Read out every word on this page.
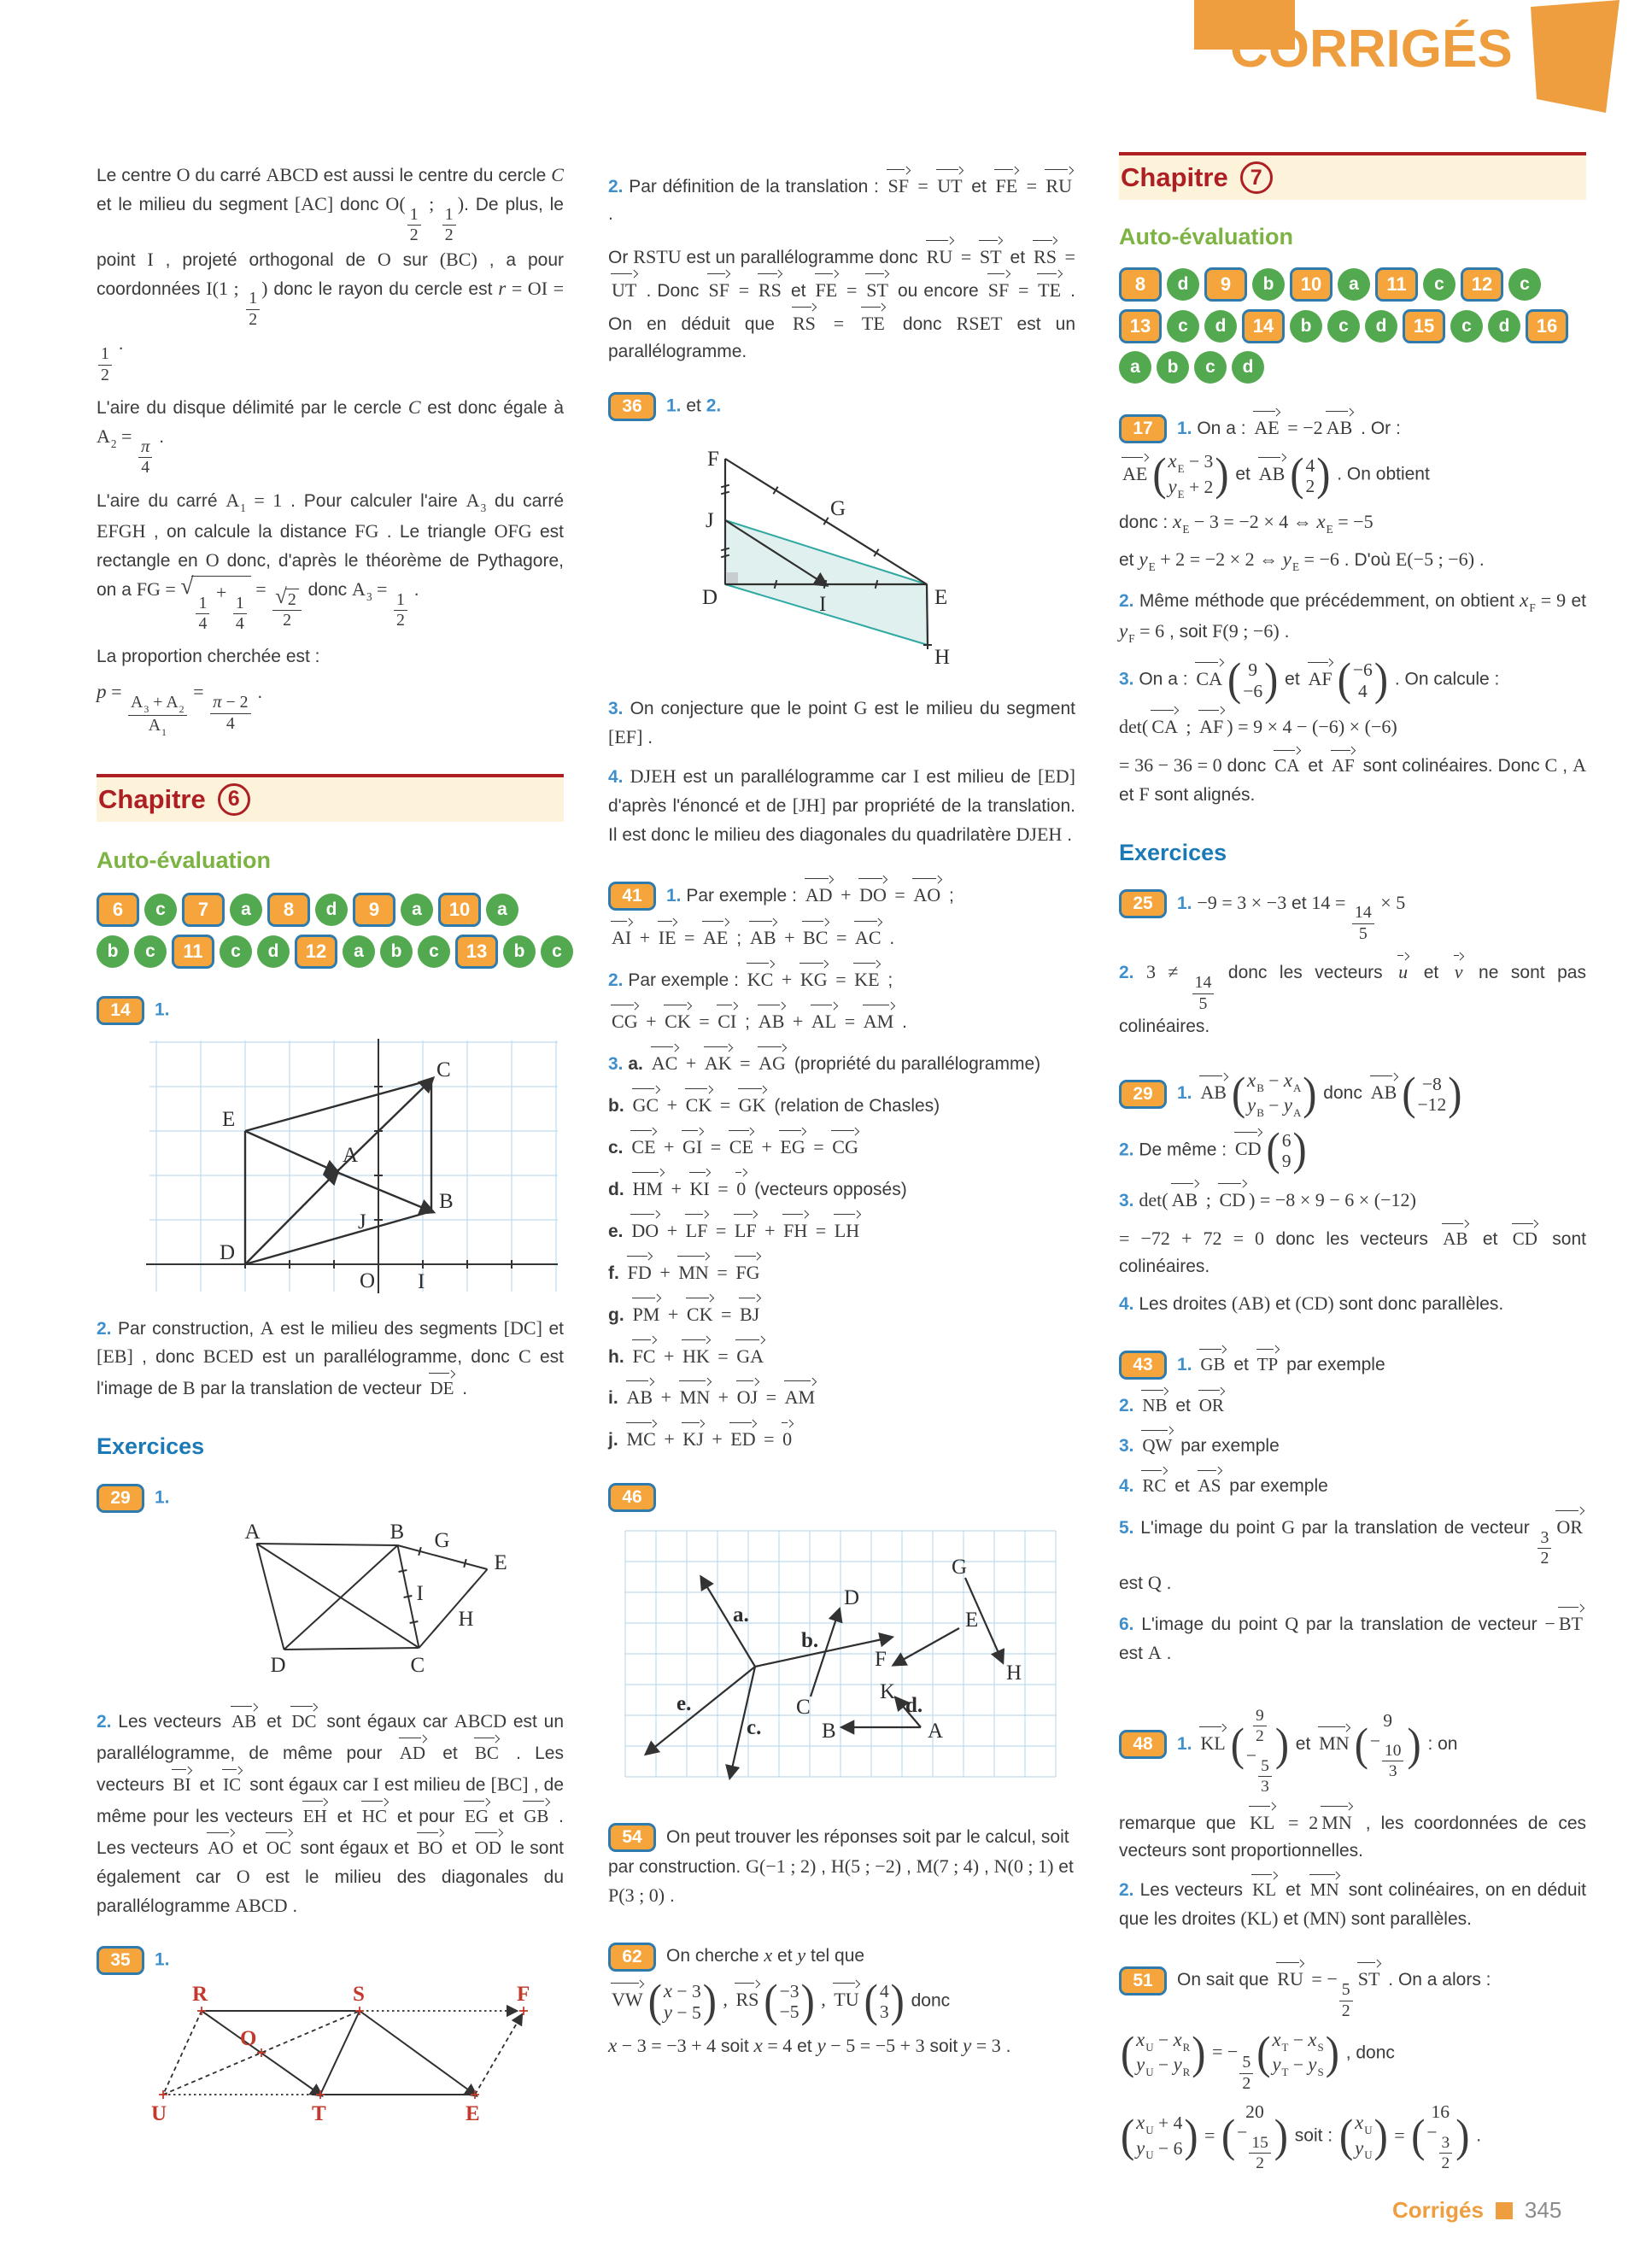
CORRIGÉS
Le centre O du carré ABCD est aussi le centre du cercle C et le milieu du segment [AC] donc O(
$\frac{1}{2}$
;
$\frac{1}{2}$
). De plus, le point I , projeté orthogonal de O sur (BC) , a pour coordonnées I(1 ;
$\frac{1}{2}$
) donc le rayon du cercle est r = OI =
$\frac{1}{2}$
.
L'aire du disque délimité par le cercle C est donc égale à $A_2$ =
$\frac{\pi}{4}$ .
L'aire du carré $A_1 = 1$ . Pour calculer l'aire $A_3$ du carré EFGH , on calcule la distance FG . Le triangle OFG est rectangle en O donc, d'après le théorème de Pythagore, on a FG = √
$\frac{1}{4}$
+
$\frac{1}{4}$
= $\frac{√ 2}{2}$ donc $A_3$ =
$\frac{1}{2}$
.
La proportion cherchée est :
p =
$\frac{A_3 + A_2}{A_1}$
=
$\frac{\pi - 2}{4}$ .
Chapitre	6
Auto-évaluation
6	c	7	a	8	d	9	a	10	a
b	c	11	c	d	12	a	b	c	13	b	c
14 1.
C
E
A
B
J
D
O I
2. Par construction, A est le milieu des segments [DC] et [EB] , donc BCED est un parallélogramme, donc C est l'image de B par la translation de vecteur DE .
Exercices
29 1.
A	B G
E
I
H
D	C
2. Les vecteurs AB et DC sont égaux car ABCD est un parallélogramme, de même pour AD et BC . Les vecteurs BI et IC sont égaux car I est milieu de [BC] , de même pour les vecteurs EH et HC et pour EG et GB . Les vecteurs AO et OC sont égaux et BO et OD le sont également car O est le milieu des diagonales du parallélogramme ABCD .
35 1.
R	S	F
O
U	T	E
2. Par définition de la translation : SF = UT et FE = RU .
Or RSTU est un parallélogramme donc RU = ST et RS = UT . Donc SF = RS et FE = ST ou encore SF = TE . On en déduit que RS = TE donc RSET est un parallélogramme.
36 1. et 2.
F
J
G
D	I	E
H
3. On conjecture que le point G est le milieu du segment [EF] .
4. DJEH est un parallélogramme car I est milieu de [ED] d'après l'énoncé et de [JH] par propriété de la translation. Il est donc le milieu des diagonales du quadrilatère DJEH .
41 1. Par exemple : AD + DO = AO ;
AI + IE = AE ; AB + BC = AC .
2. Par exemple : KC + KG = KE ;
CG + CK = CI ; AB + AL = AM .
3. a. AC + AK = AG (propriété du parallélogramme)
b. GC + CK = GK (relation de Chasles)
c. CE + GI = CE + EG = CG
d. HM + KI = 0 (vecteurs opposés)
e. DO + LF = LF + FH = LH
f. FD + MN = FG
g. PM + CK = BJ
h. FC + HK = GA
i. AB + MN + OJ = AM
j. MC + KJ + ED = 0
46
a.
b.
c.
d.
e.
A
B
C
D
E
F
G
H
K
54 On peut trouver les réponses soit par le calcul, soit par construction. G(−1 ; 2) , H(5 ; −2) , M(7 ; 4) , N(0 ; 1) et P(3 ; 0) .
62 On cherche x et y tel que
VW ( x − 3
y − 5 ) , RS ( −3
−5 ) , TU ( 4
3 ) donc
x − 3 = −3 + 4 soit x = 4 et y − 5 = −5 + 3 soit y = 3 .
Chapitre	7
Auto-évaluation
8	d	9	b	10	a	11	c	12	c
13	c	d	14	b	c	d	15	c	d	16
a	b	c	d
17 1. On a : AE = −2 AB . Or :
AE ( $x_E - 3$
$y_E + 2$ ) et AB ( 4
2 ) . On obtient
donc : $x_E - 3 = -2 \times 4$ ⇔ $x_E = -5$
et $y_E + 2 = -2 \times 2$ ⇔ $y_E = -6$ . D'où E(−5 ; −6) .
2. Même méthode que précédemment, on obtient $x_F = 9$ et $y_F = 6$ , soit F(9 ; −6) .
3. On a : CA ( 9
−6 ) et AF ( −6
4 ) . On calcule :
det( CA ; AF ) = 9 × 4 − (−6) × (−6)
= 36 − 36 = 0 donc CA et AF sont colinéaires. Donc C , A et F sont alignés.
Exercices
25 1. −9 = 3 × −3 et 14 =
$\frac{14}{5}$
× 5
2. 3 ≠
$\frac{14}{5}$
donc les vecteurs u et v ne sont pas colinéaires.
29 1. AB ( $x_B - x_A$
$y_B - y_A$ ) donc AB ( −8
−12 )
2. De même : CD ( 6
9 )
3. det( AB ; CD ) = −8 × 9 − 6 × (−12)
= −72 + 72 = 0 donc les vecteurs AB et CD sont colinéaires.
4. Les droites (AB) et (CD) sont donc parallèles.
43 1. GB et TP par exemple
2. NB et OR
3. QW par exemple
4. RC et AS par exemple
5. L'image du point G par la translation de vecteur
$\frac{3}{2}$
OR est Q .
6. L'image du point Q par la translation de vecteur − BT est A .
48 1. KL ( $\frac{9}{2}$
−
$\frac{5}{3}$
) et MN ( 9
−
$\frac{10}{3}$ ) : on
remarque que KL = 2 MN , les coordonnées de ces vecteurs sont proportionnelles.
2. Les vecteurs KL et MN sont colinéaires, on en déduit que les droites (KL) et (MN) sont parallèles.
51 On sait que RU = −
$\frac{5}{2}$
ST . On a alors :
( $x_U - x_R$
$y_U - y_R$ ) = −
$\frac{5}{2}$ ( $x_T - x_S$
$y_T - y_S$ ) , donc
( $x_U + 4$
$y_U - 6$ ) = ( 20
−
$\frac{15}{2}$ ) soit : ( $x_U$
$y_U$ ) = ( 16
−
$\frac{3}{2}$ ) .
Corrigés 345
